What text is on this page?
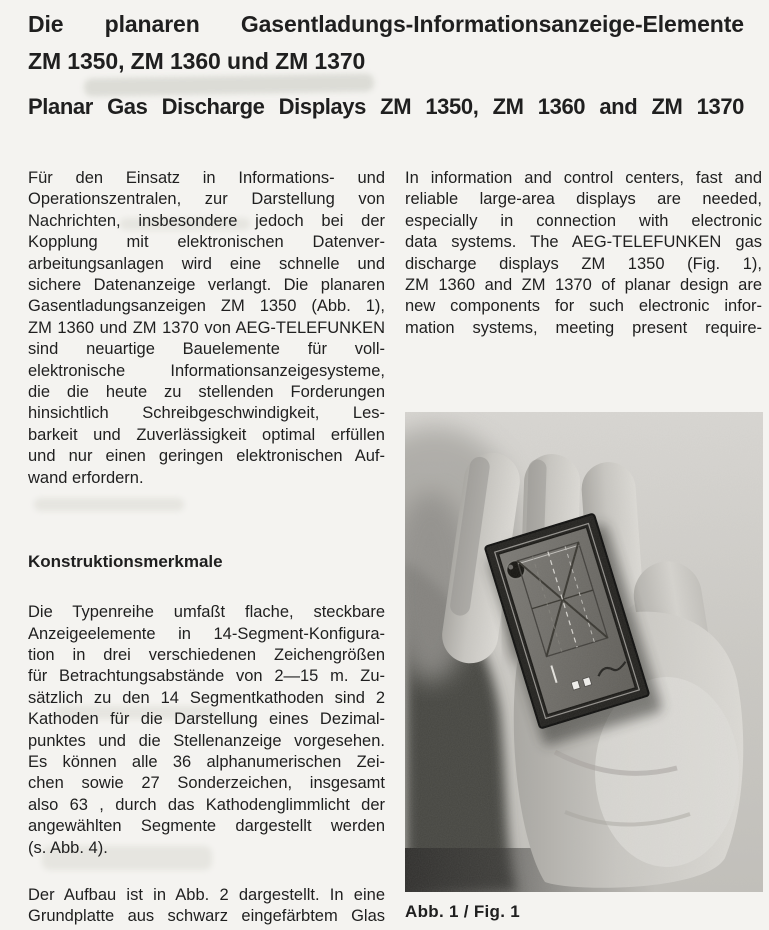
Die planaren Gasentladungs-Informationsanzeige-Elemente
ZM 1350, ZM 1360 und ZM 1370
Planar Gas Discharge Displays ZM 1350, ZM 1360 and ZM 1370
Für den Einsatz in Informations- und
Operationszentralen, zur Darstellung von
Nachrichten, insbesondere jedoch bei der
Kopplung mit elektronischen Datenver-
arbeitungsanlagen wird eine schnelle und
sichere Datenanzeige verlangt. Die planaren
Gasentladungsanzeigen ZM 1350 (Abb. 1),
ZM 1360 und ZM 1370 von AEG-TELEFUNKEN
sind neuartige Bauelemente für voll-
elektronische Informationsanzeigesysteme,
die die heute zu stellenden Forderungen
hinsichtlich Schreibgeschwindigkeit, Les-
barkeit und Zuverlässigkeit optimal erfüllen
und nur einen geringen elektronischen Auf-
wand erfordern.
Konstruktionsmerkmale
Die Typenreihe umfaßt flache, steckbare
Anzeigeelemente in 14-Segment-Konfigura-
tion in drei verschiedenen Zeichengrößen
für Betrachtungsabstände von 2—15 m. Zu-
sätzlich zu den 14 Segmentkathoden sind 2
Kathoden für die Darstellung eines Dezimal-
punktes und die Stellenanzeige vorgesehen.
Es können alle 36 alphanumerischen Zei-
chen sowie 27 Sonderzeichen, insgesamt
also 63 , durch das Kathodenglimmlicht der
angewählten Segmente dargestellt werden
(s. Abb. 4).
Der Aufbau ist in Abb. 2 dargestellt. In eine
Grundplatte aus schwarz eingefärbtem Glas
In information and control centers, fast and
reliable large-area displays are needed,
especially in connection with electronic
data systems. The AEG-TELEFUNKEN gas
discharge displays ZM 1350 (Fig. 1),
ZM 1360 and ZM 1370 of planar design are
new components for such electronic infor-
mation systems, meeting present require-
Abb. 1 / Fig. 1
